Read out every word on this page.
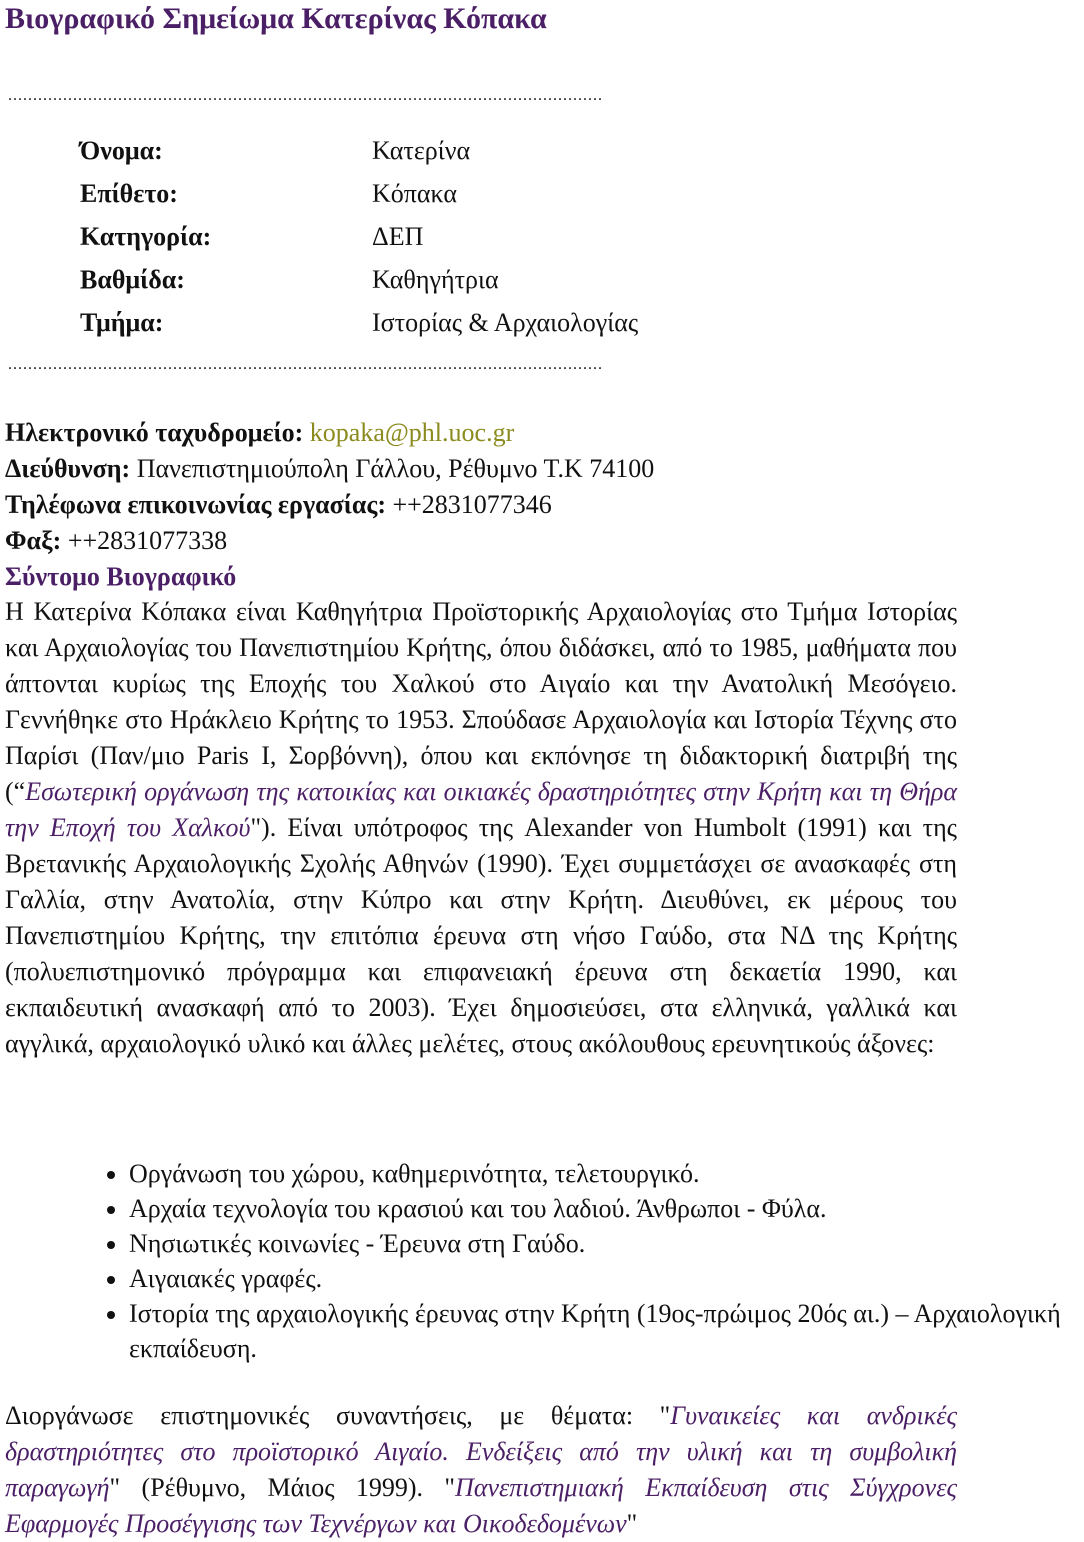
Βιογραφικό Σημείωμα Κατερίνας Κόπακα
.......................................................................................................................
Όνομα:	Κατερίνα
Επίθετο:	Κόπακα
Κατηγορία:	ΔΕΠ
Βαθμίδα:	Καθηγήτρια
Τμήμα:	Ιστορίας & Αρχαιολογίας
.......................................................................................................................
Ηλεκτρονικό ταχυδρομείο: kopaka@phl.uoc.gr
Διεύθυνση: Πανεπιστημιούπολη Γάλλου, Ρέθυμνο Τ.Κ 74100
Τηλέφωνα επικοινωνίας εργασίας: ++2831077346
Φαξ: ++2831077338
Σύντομο Βιογραφικό
Η Κατερίνα Κόπακα είναι Καθηγήτρια Προϊστορικής Αρχαιολογίας στο Τμήμα Ιστορίας και Αρχαιολογίας του Πανεπιστημίου Κρήτης, όπου διδάσκει, από το 1985, μαθήματα που άπτονται κυρίως της Εποχής του Χαλκού στο Αιγαίο και την Ανατολική Μεσόγειο. Γεννήθηκε στο Ηράκλειο Κρήτης το 1953. Σπούδασε Αρχαιολογία και Ιστορία Τέχνης στο Παρίσι (Παν/μιο Paris I, Σορβόννη), όπου και εκπόνησε τη διδακτορική διατριβή της (“Εσωτερική οργάνωση της κατοικίας και οικιακές δραστηριότητες στην Κρήτη και τη Θήρα την Εποχή του Χαλκού"). Είναι υπότροφος της Alexander von Humbolt (1991) και της Βρετανικής Αρχαιολογικής Σχολής Αθηνών (1990). Έχει συμμετάσχει σε ανασκαφές στη Γαλλία, στην Ανατολία, στην Κύπρο και στην Κρήτη. Διευθύνει, εκ μέρους του Πανεπιστημίου Κρήτης, την επιτόπια έρευνα στη νήσο Γαύδο, στα ΝΔ της Κρήτης (πολυεπιστημονικό πρόγραμμα και επιφανειακή έρευνα στη δεκαετία 1990, και εκπαιδευτική ανασκαφή από το 2003). Έχει δημοσιεύσει, στα ελληνικά, γαλλικά και αγγλικά, αρχαιολογικό υλικό και άλλες μελέτες, στους ακόλουθους ερευνητικούς άξονες:
• Οργάνωση του χώρου, καθημερινότητα, τελετουργικό.
• Αρχαία τεχνολογία του κρασιού και του λαδιού. Άνθρωποι - Φύλα.
• Νησιωτικές κοινωνίες - Έρευνα στη Γαύδο.
• Αιγαιακές γραφές.
• Ιστορία της αρχαιολογικής έρευνας στην Κρήτη (19ος-πρώιμος 20ός αι.) – Αρχαιολογική εκπαίδευση.
Διοργάνωσε επιστημονικές συναντήσεις, με θέματα: "Γυναικείες και ανδρικές δραστηριότητες στο προϊστορικό Αιγαίο. Ενδείξεις από την υλική και τη συμβολική παραγωγή" (Ρέθυμνο, Μάιος 1999). "Πανεπιστημιακή Εκπαίδευση στις Σύγχρονες Εφαρμογές Προσέγγισης των Τεχνέργων και Οικοδεδομένων"
